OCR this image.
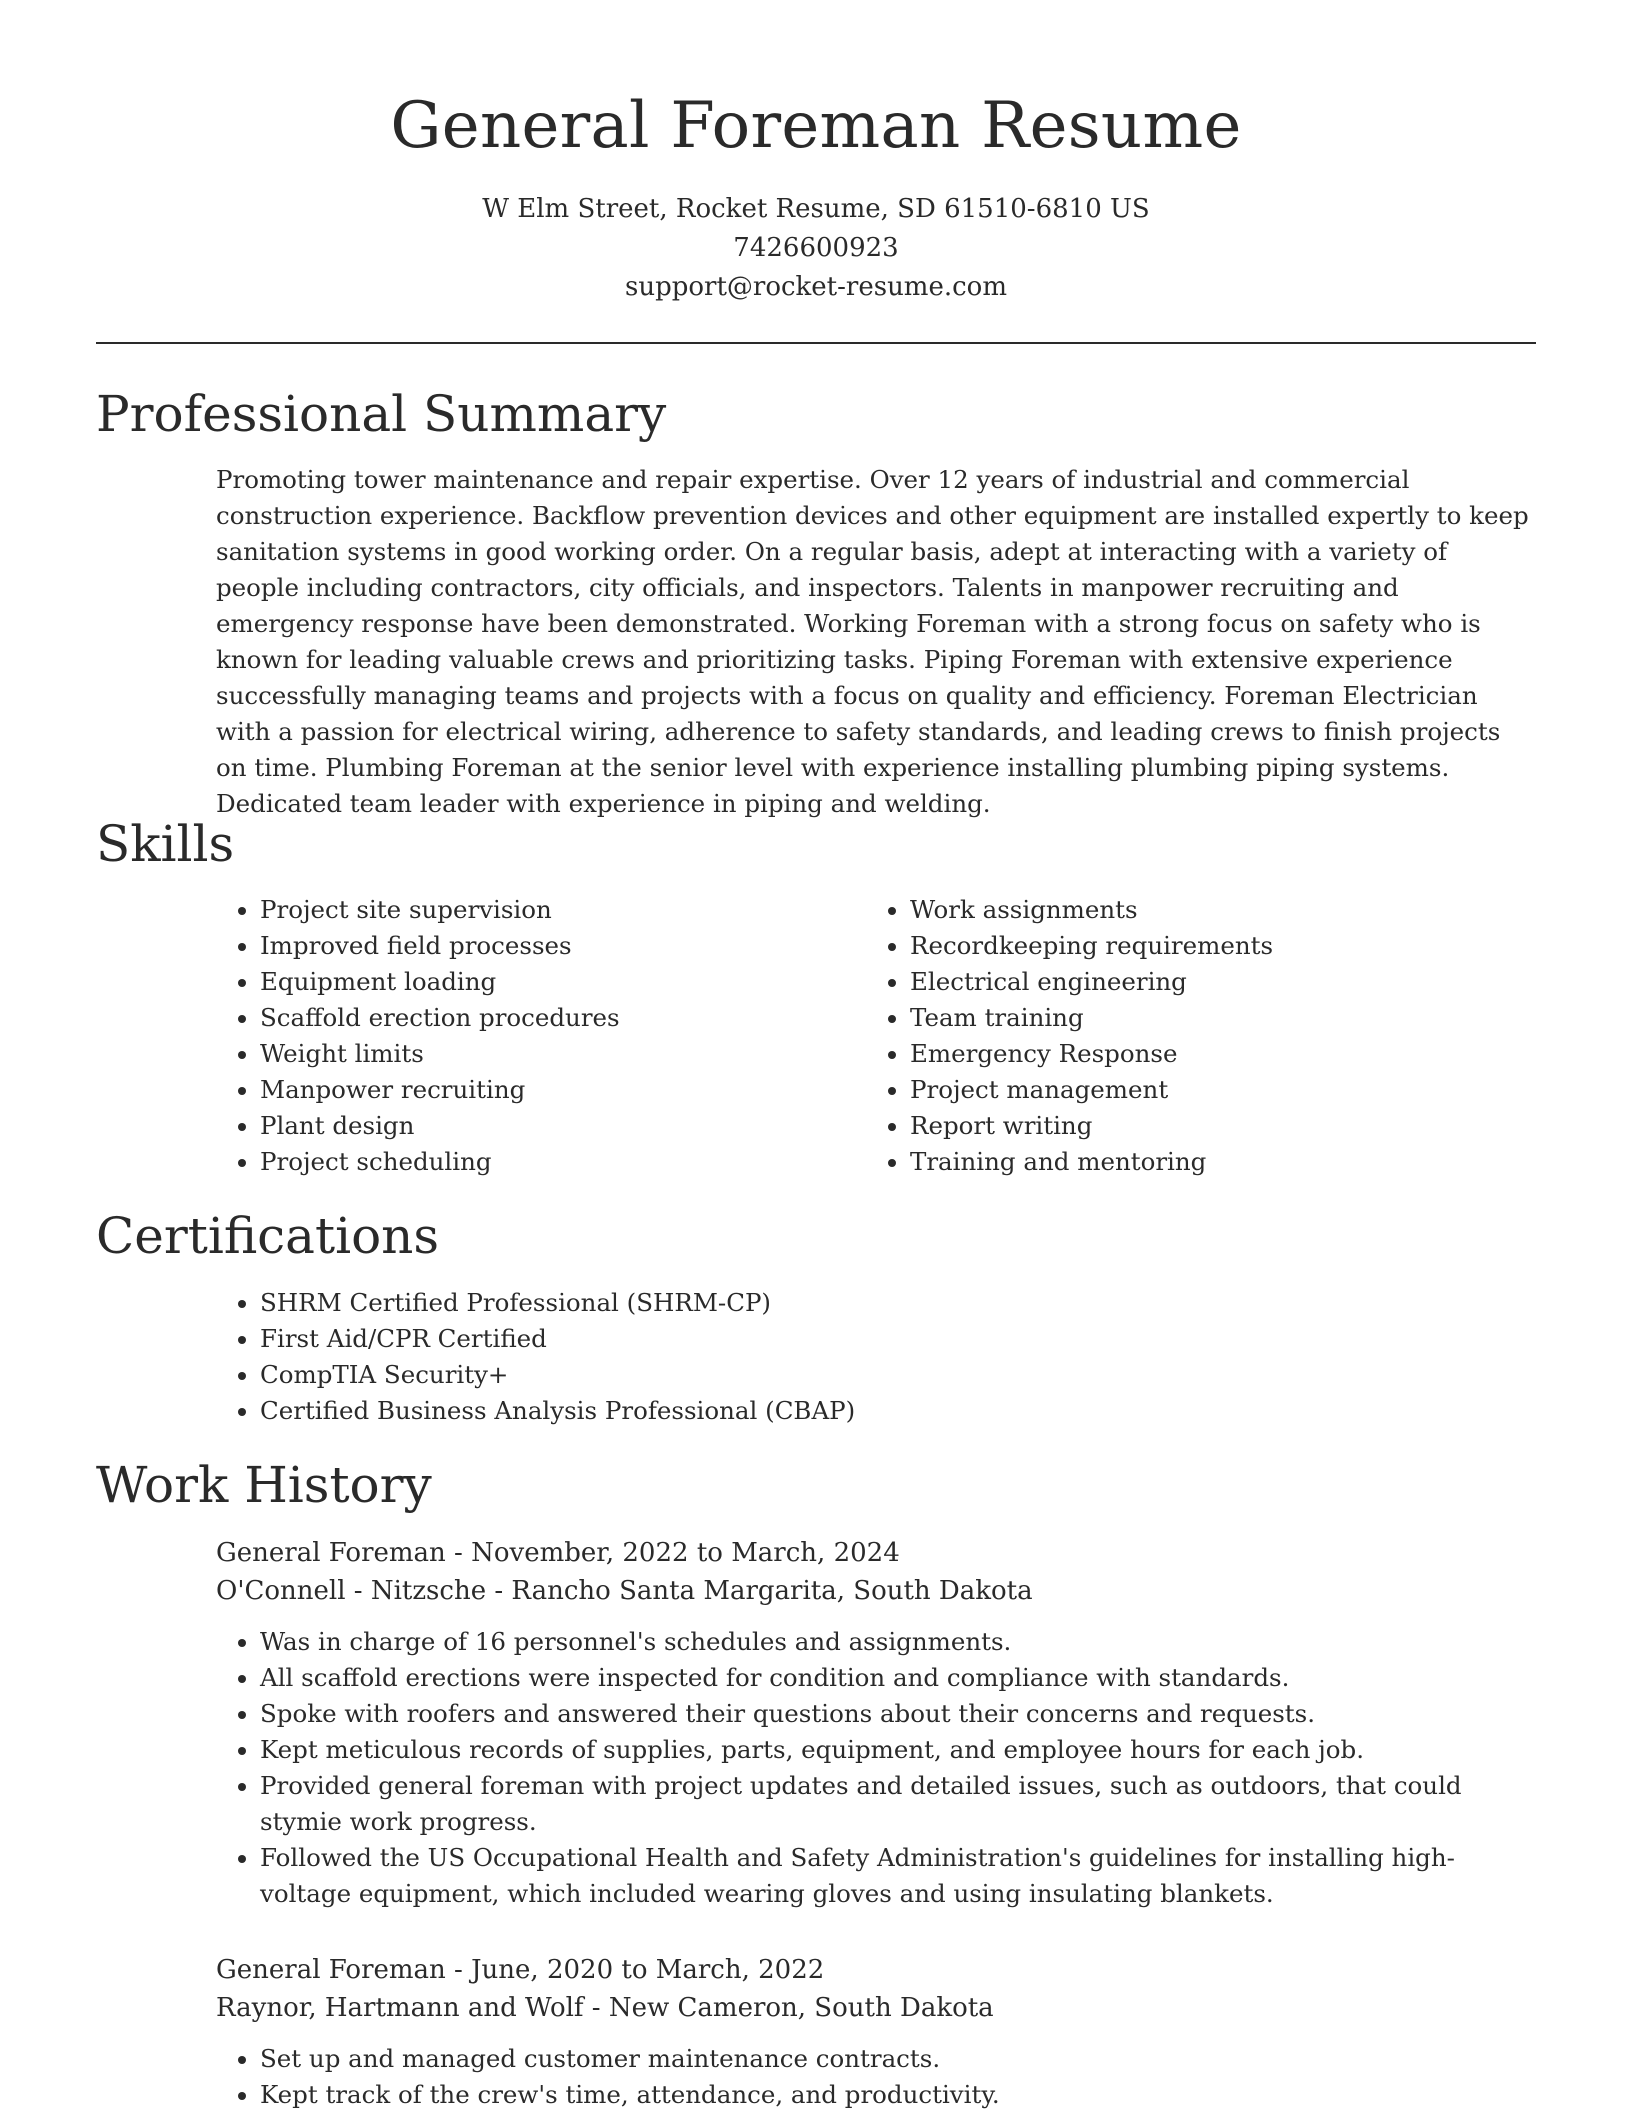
General Foreman Resume
W Elm Street, Rocket Resume, SD 61510-6810 US
7426600923
support@rocket-resume.com
Professional Summary

Promoting tower maintenance and repair expertise. Over 12 years of industrial and commercial construction experience. Backflow prevention devices and other equipment are installed expertly to keep sanitation systems in good working order. On a regular basis, adept at interacting with a variety of people including contractors, city officials, and inspectors. Talents in manpower recruiting and emergency response have been demonstrated. Working Foreman with a strong focus on safety who is known for leading valuable crews and prioritizing tasks. Piping Foreman with extensive experience successfully managing teams and projects with a focus on quality and efficiency. Foreman Electrician with a passion for electrical wiring, adherence to safety standards, and leading crews to finish projects on time. Plumbing Foreman at the senior level with experience installing plumbing piping systems. Dedicated team leader with experience in piping and welding.

Skills
• Project site supervision
• Improved field processes
• Equipment loading
• Scaffold erection procedures
• Weight limits
• Manpower recruiting
• Plant design
• Project scheduling
• Work assignments
• Recordkeeping requirements
• Electrical engineering
• Team training
• Emergency Response
• Project management
• Report writing
• Training and mentoring
Certifications
• SHRM Certified Professional (SHRM-CP)
• First Aid/CPR Certified
• CompTIA Security+
• Certified Business Analysis Professional (CBAP)
Work History
General Foreman - November, 2022 to March, 2024
O'Connell - Nitzsche - Rancho Santa Margarita, South Dakota
• Was in charge of 16 personnel's schedules and assignments.
• All scaffold erections were inspected for condition and compliance with standards.
• Spoke with roofers and answered their questions about their concerns and requests.
• Kept meticulous records of supplies, parts, equipment, and employee hours for each job.
• Provided general foreman with project updates and detailed issues, such as outdoors, that could stymie work progress.
• Followed the US Occupational Health and Safety Administration's guidelines for installing high-voltage equipment, which included wearing gloves and using insulating blankets.
General Foreman - June, 2020 to March, 2022
Raynor, Hartmann and Wolf - New Cameron, South Dakota
• Set up and managed customer maintenance contracts.
• Kept track of the crew's time, attendance, and productivity.
